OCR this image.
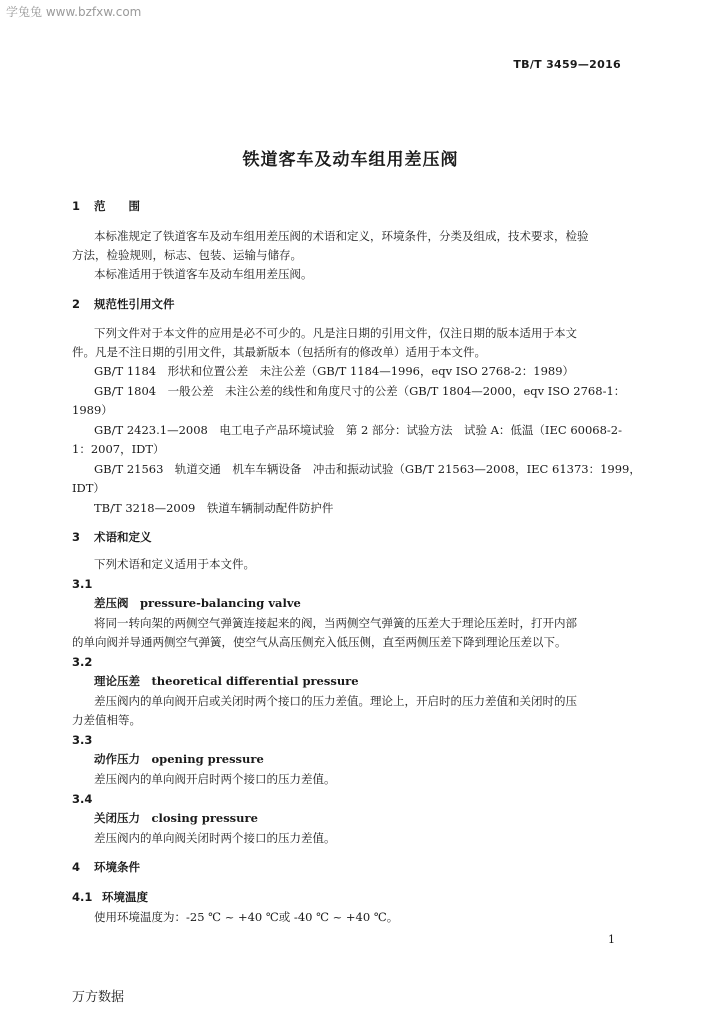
学兔兔 www.bzfxw.com
TB/T 3459—2016
铁道客车及动车组用差压阀
1 范　　围
本标准规定了铁道客车及动车组用差压阀的术语和定义，环境条件，分类及组成，技术要求，检验
方法，检验规则，标志、包装、运输与储存。
本标准适用于铁道客车及动车组用差压阀。
2 规范性引用文件
下列文件对于本文件的应用是必不可少的。凡是注日期的引用文件，仅注日期的版本适用于本文
件。凡是不注日期的引用文件，其最新版本（包括所有的修改单）适用于本文件。
GB/T 1184　形状和位置公差　未注公差（GB/T 1184—1996，eqv ISO 2768-2：1989）
GB/T 1804　一般公差　未注公差的线性和角度尺寸的公差（GB/T 1804—2000，eqv ISO 2768-1：
1989）
GB/T 2423.1—2008　电工电子产品环境试验　第 2 部分：试验方法　试验 A：低温（IEC 60068-2-
1：2007，IDT）
GB/T 21563　轨道交通　机车车辆设备　冲击和振动试验（GB/T 21563—2008，IEC 61373：1999，
IDT）
TB/T 3218—2009　铁道车辆制动配件防护件
3 术语和定义
下列术语和定义适用于本文件。
3.1
差压阀　pressure-balancing valve
将同一转向架的两侧空气弹簧连接起来的阀，当两侧空气弹簧的压差大于理论压差时，打开内部
的单向阀并导通两侧空气弹簧，使空气从高压侧充入低压侧，直至两侧压差下降到理论压差以下。
3.2
理论压差　theoretical differential pressure
差压阀内的单向阀开启或关闭时两个接口的压力差值。理论上，开启时的压力差值和关闭时的压
力差值相等。
3.3
动作压力　opening pressure
差压阀内的单向阀开启时两个接口的压力差值。
3.4
关闭压力　closing pressure
差压阀内的单向阀关闭时两个接口的压力差值。
4 环境条件
4.1 环境温度
使用环境温度为：-25 ℃ ~ +40 ℃或 -40 ℃ ~ +40 ℃。
1
万方数据
